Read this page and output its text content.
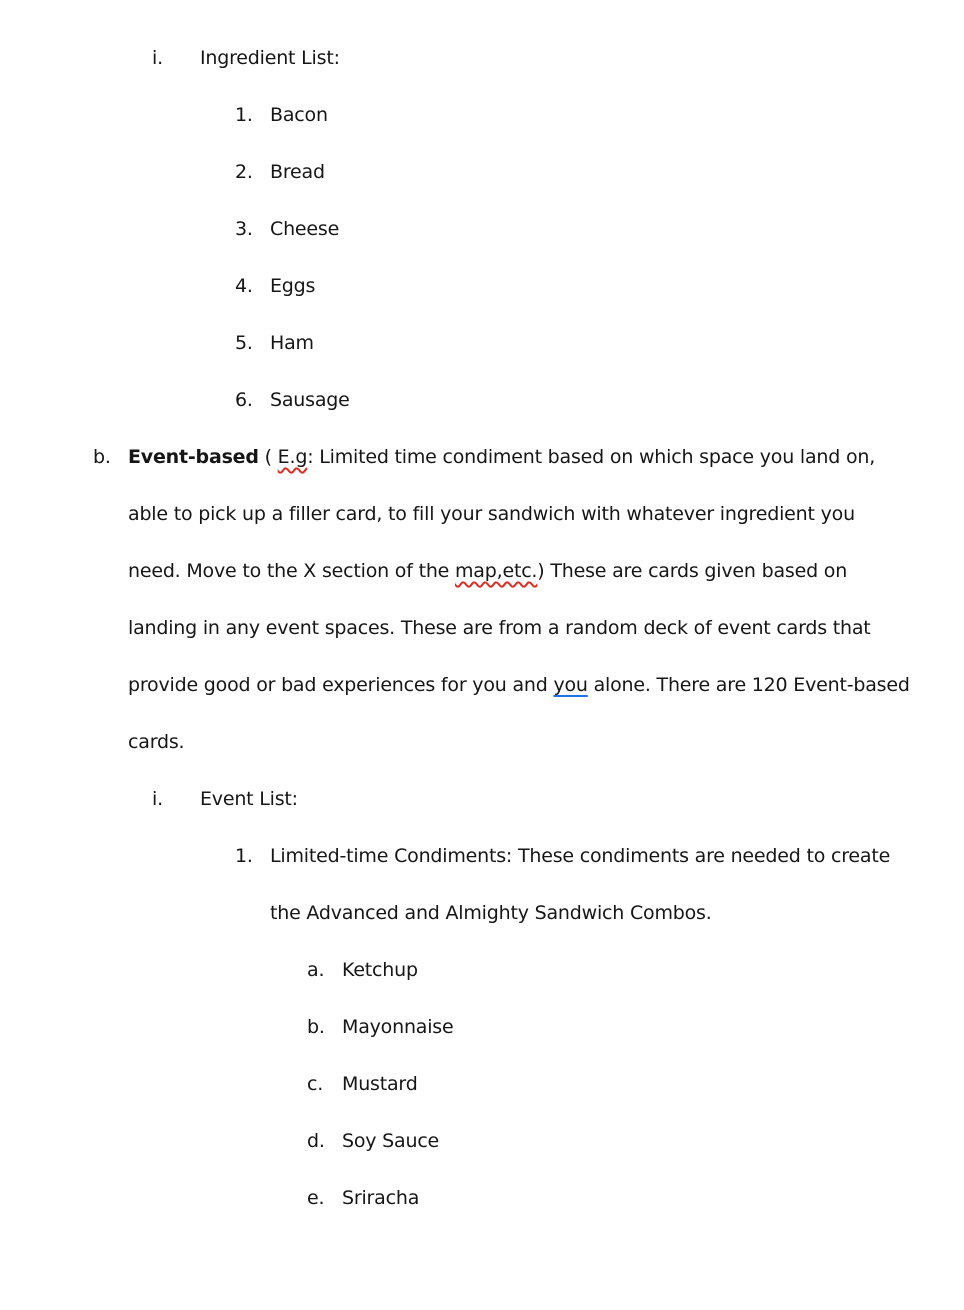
i.	Ingredient List:
1. Bacon
2. Bread
3. Cheese
4. Eggs
5. Ham
6. Sausage
b. Event-based ( E.g: Limited time condiment based on which space you land on, able to pick up a filler card, to fill your sandwich with whatever ingredient you need. Move to the X section of the map,etc.) These are cards given based on landing in any event spaces. These are from a random deck of event cards that provide good or bad experiences for you and you alone. There are 120 Event-based cards.
i.	Event List:
1. Limited-time Condiments: These condiments are needed to create the Advanced and Almighty Sandwich Combos.
a. Ketchup
b. Mayonnaise
c. Mustard
d. Soy Sauce
e. Sriracha
